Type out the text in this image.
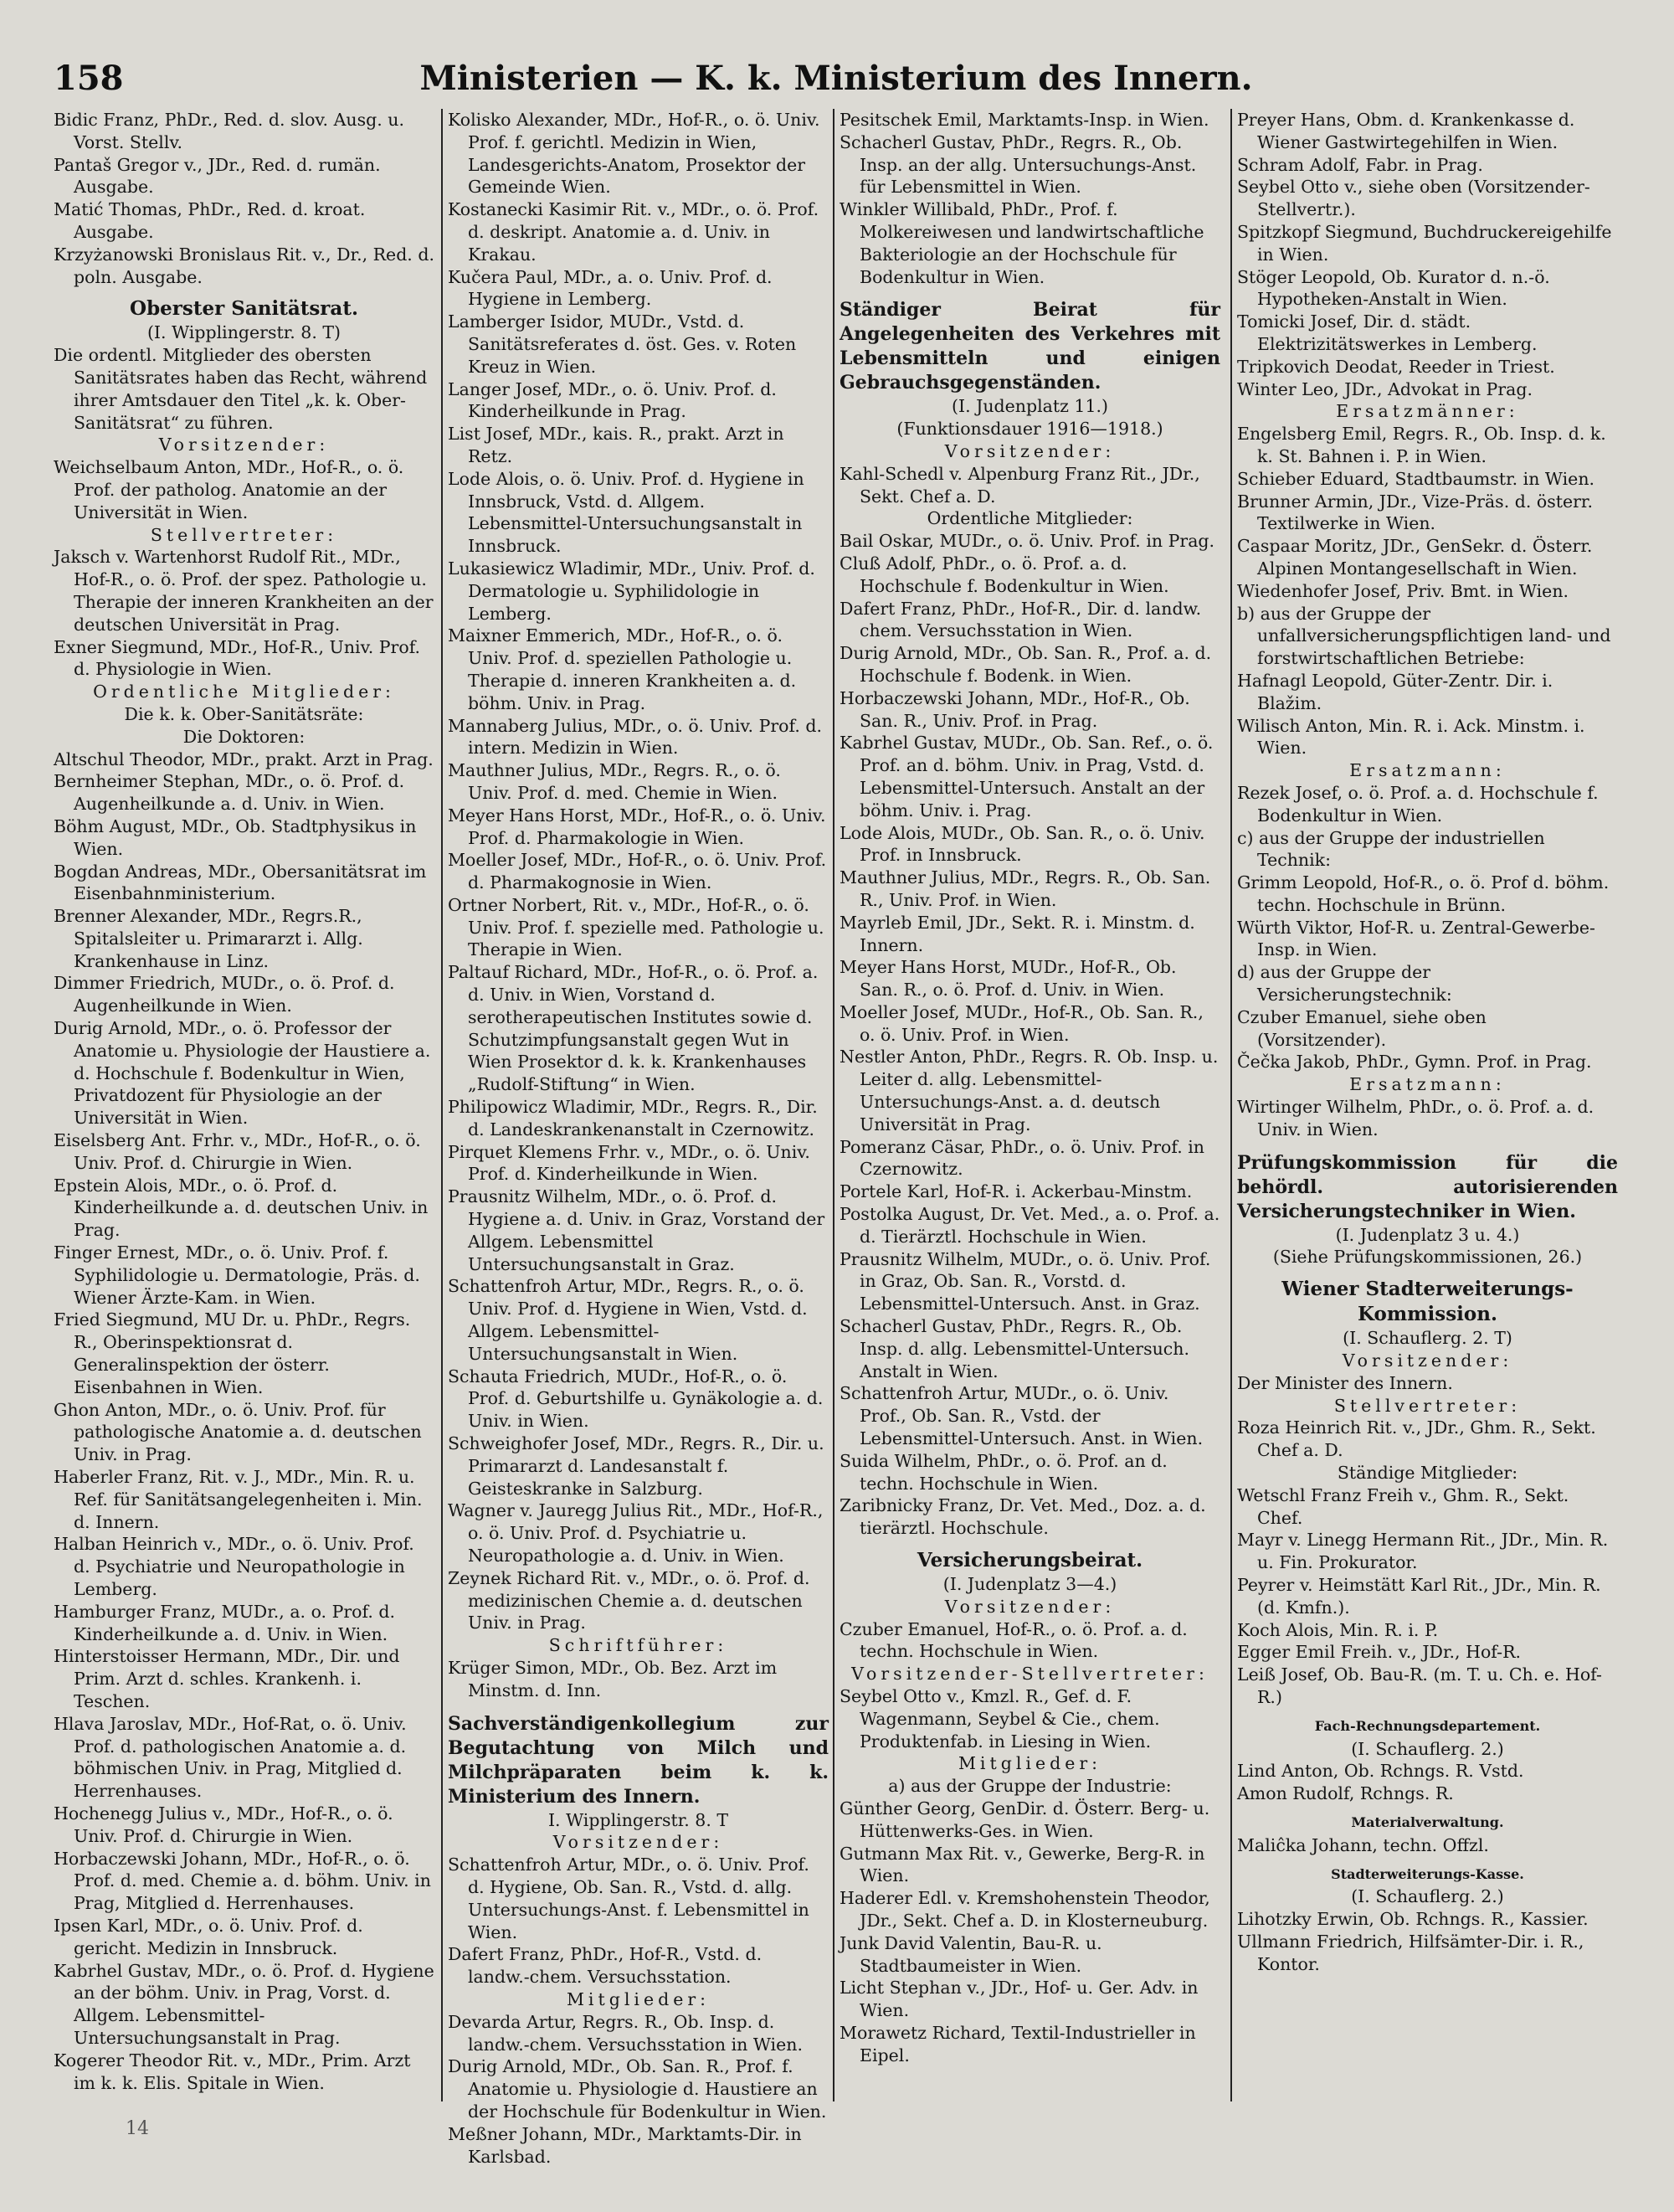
158	Ministerien — K. k. Ministerium des Innern.
Bidic Franz, PhDr., Red. d. slov. Ausg. u. Vorst. Stellv.
Pantaš Gregor v., JDr., Red. d. rumän. Ausgabe.
Matić Thomas, PhDr., Red. d. kroat. Ausgabe.
Krzyżanowski Bronislaus Rit. v., Dr., Red. d. poln. Ausgabe.
Oberster Sanitätsrat.
(I. Wipplingerstr. 8. T)
Die ordentl. Mitglieder des obersten Sanitätsrates haben das Recht, während ihrer Amtsdauer den Titel „k. k. Ober-Sanitätsrat“ zu führen.
Vorsitzender:
Weichselbaum Anton, MDr., Hof-R., o. ö. Prof. der patholog. Anatomie an der Universität in Wien.
Stellvertreter:
Jaksch v. Wartenhorst Rudolf Rit., MDr., Hof-R., o. ö. Prof. der spez. Pathologie u. Therapie der inneren Krankheiten an der deutschen Universität in Prag.
Exner Siegmund, MDr., Hof-R., Univ. Prof. d. Physiologie in Wien.
Ordentliche Mitglieder:
Die k. k. Ober-Sanitätsräte:
Die Doktoren:
Altschul Theodor, MDr., prakt. Arzt in Prag.
Bernheimer Stephan, MDr., o. ö. Prof. d. Augenheilkunde a. d. Univ. in Wien.
Böhm August, MDr., Ob. Stadtphysikus in Wien.
Bogdan Andreas, MDr., Obersanitätsrat im Eisenbahnministerium.
Brenner Alexander, MDr., Regrs.R., Spitalsleiter u. Primararzt i. Allg. Krankenhause in Linz.
Dimmer Friedrich, MUDr., o. ö. Prof. d. Augenheilkunde in Wien.
Durig Arnold, MDr., o. ö. Professor der Anatomie u. Physiologie der Haustiere a. d. Hochschule f. Bodenkultur in Wien, Privatdozent für Physiologie an der Universität in Wien.
Eiselsberg Ant. Frhr. v., MDr., Hof-R., o. ö. Univ. Prof. d. Chirurgie in Wien.
Epstein Alois, MDr., o. ö. Prof. d. Kinderheilkunde a. d. deutschen Univ. in Prag.
Finger Ernest, MDr., o. ö. Univ. Prof. f. Syphilidologie u. Dermatologie, Präs. d. Wiener Ärzte-Kam. in Wien.
Fried Siegmund, MU Dr. u. PhDr., Regrs. R., Oberinspektionsrat d. Generalinspektion der österr. Eisenbahnen in Wien.
Ghon Anton, MDr., o. ö. Univ. Prof. für pathologische Anatomie a. d. deutschen Univ. in Prag.
Haberler Franz, Rit. v. J., MDr., Min. R. u. Ref. für Sanitätsangelegenheiten i. Min. d. Innern.
Halban Heinrich v., MDr., o. ö. Univ. Prof. d. Psychiatrie und Neuropathologie in Lemberg.
Hamburger Franz, MUDr., a. o. Prof. d. Kinderheilkunde a. d. Univ. in Wien.
Hinterstoisser Hermann, MDr., Dir. und Prim. Arzt d. schles. Krankenh. i. Teschen.
Hlava Jaroslav, MDr., Hof-Rat, o. ö. Univ. Prof. d. pathologischen Anatomie a. d. böhmischen Univ. in Prag, Mitglied d. Herrenhauses.
Hochenegg Julius v., MDr., Hof-R., o. ö. Univ. Prof. d. Chirurgie in Wien.
Horbaczewski Johann, MDr., Hof-R., o. ö. Prof. d. med. Chemie a. d. böhm. Univ. in Prag, Mitglied d. Herrenhauses.
Ipsen Karl, MDr., o. ö. Univ. Prof. d. gericht. Medizin in Innsbruck.
Kabrhel Gustav, MDr., o. ö. Prof. d. Hygiene an der böhm. Univ. in Prag, Vorst. d. Allgem. Lebensmittel-Untersuchungsanstalt in Prag.
Kogerer Theodor Rit. v., MDr., Prim. Arzt im k. k. Elis. Spitale in Wien.
Kolisko Alexander, MDr., Hof-R., o. ö. Univ. Prof. f. gerichtl. Medizin in Wien, Landesgerichts-Anatom, Prosektor der Gemeinde Wien.
Kostanecki Kasimir Rit. v., MDr., o. ö. Prof. d. deskript. Anatomie a. d. Univ. in Krakau.
Kučera Paul, MDr., a. o. Univ. Prof. d. Hygiene in Lemberg.
Lamberger Isidor, MUDr., Vstd. d. Sanitätsreferates d. öst. Ges. v. Roten Kreuz in Wien.
Langer Josef, MDr., o. ö. Univ. Prof. d. Kinderheilkunde in Prag.
List Josef, MDr., kais. R., prakt. Arzt in Retz.
Lode Alois, o. ö. Univ. Prof. d. Hygiene in Innsbruck, Vstd. d. Allgem. Lebensmittel-Untersuchungsanstalt in Innsbruck.
Lukasiewicz Wladimir, MDr., Univ. Prof. d. Dermatologie u. Syphilidologie in Lemberg.
Maixner Emmerich, MDr., Hof-R., o. ö. Univ. Prof. d. speziellen Pathologie u. Therapie d. inneren Krankheiten a. d. böhm. Univ. in Prag.
Mannaberg Julius, MDr., o. ö. Univ. Prof. d. intern. Medizin in Wien.
Mauthner Julius, MDr., Regrs. R., o. ö. Univ. Prof. d. med. Chemie in Wien.
Meyer Hans Horst, MDr., Hof-R., o. ö. Univ. Prof. d. Pharmakologie in Wien.
Moeller Josef, MDr., Hof-R., o. ö. Univ. Prof. d. Pharmakognosie in Wien.
Ortner Norbert, Rit. v., MDr., Hof-R., o. ö. Univ. Prof. f. spezielle med. Pathologie u. Therapie in Wien.
Paltauf Richard, MDr., Hof-R., o. ö. Prof. a. d. Univ. in Wien, Vorstand d. serotherapeutischen Institutes sowie d. Schutzimpfungsanstalt gegen Wut in Wien Prosektor d. k. k. Krankenhauses „Rudolf-Stiftung“ in Wien.
Philipowicz Wladimir, MDr., Regrs. R., Dir. d. Landeskrankenanstalt in Czernowitz.
Pirquet Klemens Frhr. v., MDr., o. ö. Univ. Prof. d. Kinderheilkunde in Wien.
Prausnitz Wilhelm, MDr., o. ö. Prof. d. Hygiene a. d. Univ. in Graz, Vorstand der Allgem. Lebensmittel Untersuchungsanstalt in Graz.
Schattenfroh Artur, MDr., Regrs. R., o. ö. Univ. Prof. d. Hygiene in Wien, Vstd. d. Allgem. Lebensmittel-Untersuchungsanstalt in Wien.
Schauta Friedrich, MUDr., Hof-R., o. ö. Prof. d. Geburtshilfe u. Gynäkologie a. d. Univ. in Wien.
Schweighofer Josef, MDr., Regrs. R., Dir. u. Primararzt d. Landesanstalt f. Geisteskranke in Salzburg.
Wagner v. Jauregg Julius Rit., MDr., Hof-R., o. ö. Univ. Prof. d. Psychiatrie u. Neuropathologie a. d. Univ. in Wien.
Zeynek Richard Rit. v., MDr., o. ö. Prof. d. medizinischen Chemie a. d. deutschen Univ. in Prag.
Schriftführer:
Krüger Simon, MDr., Ob. Bez. Arzt im Minstm. d. Inn.
Sachverständigenkollegium zur Begutachtung von Milch und Milchpräparaten beim k. k. Ministerium des Innern.
I. Wipplingerstr. 8. T
Vorsitzender:
Schattenfroh Artur, MDr., o. ö. Univ. Prof. d. Hygiene, Ob. San. R., Vstd. d. allg. Untersuchungs-Anst. f. Lebensmittel in Wien.
Dafert Franz, PhDr., Hof-R., Vstd. d. landw.-chem. Versuchsstation.
Mitglieder:
Devarda Artur, Regrs. R., Ob. Insp. d. landw.-chem. Versuchsstation in Wien.
Durig Arnold, MDr., Ob. San. R., Prof. f. Anatomie u. Physiologie d. Haustiere an der Hochschule für Bodenkultur in Wien.
Meßner Johann, MDr., Marktamts-Dir. in Karlsbad.
Pesitschek Emil, Marktamts-Insp. in Wien.
Schacherl Gustav, PhDr., Regrs. R., Ob. Insp. an der allg. Untersuchungs-Anst. für Lebensmittel in Wien.
Winkler Willibald, PhDr., Prof. f. Molkereiwesen und landwirtschaftliche Bakteriologie an der Hochschule für Bodenkultur in Wien.
Ständiger Beirat für Angelegenheiten des Verkehres mit Lebensmitteln und einigen Gebrauchsgegenständen.
(I. Judenplatz 11.)
(Funktionsdauer 1916—1918.)
Vorsitzender:
Kahl-Schedl v. Alpenburg Franz Rit., JDr., Sekt. Chef a. D.
Ordentliche Mitglieder:
Bail Oskar, MUDr., o. ö. Univ. Prof. in Prag.
Cluß Adolf, PhDr., o. ö. Prof. a. d. Hochschule f. Bodenkultur in Wien.
Dafert Franz, PhDr., Hof-R., Dir. d. landw. chem. Versuchsstation in Wien.
Durig Arnold, MDr., Ob. San. R., Prof. a. d. Hochschule f. Bodenk. in Wien.
Horbaczewski Johann, MDr., Hof-R., Ob. San. R., Univ. Prof. in Prag.
Kabrhel Gustav, MUDr., Ob. San. Ref., o. ö. Prof. an d. böhm. Univ. in Prag, Vstd. d. Lebensmittel-Untersuch. Anstalt an der böhm. Univ. i. Prag.
Lode Alois, MUDr., Ob. San. R., o. ö. Univ. Prof. in Innsbruck.
Mauthner Julius, MDr., Regrs. R., Ob. San. R., Univ. Prof. in Wien.
Mayrleb Emil, JDr., Sekt. R. i. Minstm. d. Innern.
Meyer Hans Horst, MUDr., Hof-R., Ob. San. R., o. ö. Prof. d. Univ. in Wien.
Moeller Josef, MUDr., Hof-R., Ob. San. R., o. ö. Univ. Prof. in Wien.
Nestler Anton, PhDr., Regrs. R. Ob. Insp. u. Leiter d. allg. Lebensmittel-Untersuchungs-Anst. a. d. deutsch Universität in Prag.
Pomeranz Cäsar, PhDr., o. ö. Univ. Prof. in Czernowitz.
Portele Karl, Hof-R. i. Ackerbau-Minstm.
Postolka August, Dr. Vet. Med., a. o. Prof. a. d. Tierärztl. Hochschule in Wien.
Prausnitz Wilhelm, MUDr., o. ö. Univ. Prof. in Graz, Ob. San. R., Vorstd. d. Lebensmittel-Untersuch. Anst. in Graz.
Schacherl Gustav, PhDr., Regrs. R., Ob. Insp. d. allg. Lebensmittel-Untersuch. Anstalt in Wien.
Schattenfroh Artur, MUDr., o. ö. Univ. Prof., Ob. San. R., Vstd. der Lebensmittel-Untersuch. Anst. in Wien.
Suida Wilhelm, PhDr., o. ö. Prof. an d. techn. Hochschule in Wien.
Zaribnicky Franz, Dr. Vet. Med., Doz. a. d. tierärztl. Hochschule.
Versicherungsbeirat.
(I. Judenplatz 3—4.)
Vorsitzender:
Czuber Emanuel, Hof-R., o. ö. Prof. a. d. techn. Hochschule in Wien.
Vorsitzender-Stellvertreter:
Seybel Otto v., Kmzl. R., Gef. d. F. Wagenmann, Seybel & Cie., chem. Produktenfab. in Liesing in Wien.
Mitglieder:
a) aus der Gruppe der Industrie:
Günther Georg, GenDir. d. Österr. Berg- u. Hüttenwerks-Ges. in Wien.
Gutmann Max Rit. v., Gewerke, Berg-R. in Wien.
Haderer Edl. v. Kremshohenstein Theodor, JDr., Sekt. Chef a. D. in Klosterneuburg.
Junk David Valentin, Bau-R. u. Stadtbaumeister in Wien.
Licht Stephan v., JDr., Hof- u. Ger. Adv. in Wien.
Morawetz Richard, Textil-Industrieller in Eipel.
Preyer Hans, Obm. d. Krankenkasse d. Wiener Gastwirtegehilfen in Wien.
Schram Adolf, Fabr. in Prag.
Seybel Otto v., siehe oben (Vorsitzender-Stellvertr.).
Spitzkopf Siegmund, Buchdruckereigehilfe in Wien.
Stöger Leopold, Ob. Kurator d. n.-ö. Hypotheken-Anstalt in Wien.
Tomicki Josef, Dir. d. städt. Elektrizitätswerkes in Lemberg.
Tripkovich Deodat, Reeder in Triest.
Winter Leo, JDr., Advokat in Prag.
Ersatzmänner:
Engelsberg Emil, Regrs. R., Ob. Insp. d. k. k. St. Bahnen i. P. in Wien.
Schieber Eduard, Stadtbaumstr. in Wien.
Brunner Armin, JDr., Vize-Präs. d. österr. Textilwerke in Wien.
Caspaar Moritz, JDr., GenSekr. d. Österr. Alpinen Montangesellschaft in Wien.
Wiedenhofer Josef, Priv. Bmt. in Wien.
b) aus der Gruppe der unfallversicherungspflichtigen land- und forstwirtschaftlichen Betriebe:
Hafnagl Leopold, Güter-Zentr. Dir. i. Blažim.
Wilisch Anton, Min. R. i. Ack. Minstm. i. Wien.
Ersatzmann:
Rezek Josef, o. ö. Prof. a. d. Hochschule f. Bodenkultur in Wien.
c) aus der Gruppe der industriellen Technik:
Grimm Leopold, Hof-R., o. ö. Prof d. böhm. techn. Hochschule in Brünn.
Würth Viktor, Hof-R. u. Zentral-Gewerbe-Insp. in Wien.
d) aus der Gruppe der Versicherungstechnik:
Czuber Emanuel, siehe oben (Vorsitzender).
Čečka Jakob, PhDr., Gymn. Prof. in Prag.
Ersatzmann:
Wirtinger Wilhelm, PhDr., o. ö. Prof. a. d. Univ. in Wien.
Prüfungskommission für die behördl. autorisierenden Versicherungstechniker in Wien.
(I. Judenplatz 3 u. 4.)
(Siehe Prüfungskommissionen, 26.)
Wiener Stadterweiterungs-Kommission.
(I. Schauflerg. 2. T)
Vorsitzender:
Der Minister des Innern.
Stellvertreter:
Roza Heinrich Rit. v., JDr., Ghm. R., Sekt. Chef a. D.
Ständige Mitglieder:
Wetschl Franz Freih v., Ghm. R., Sekt. Chef.
Mayr v. Linegg Hermann Rit., JDr., Min. R. u. Fin. Prokurator.
Peyrer v. Heimstätt Karl Rit., JDr., Min. R. (d. Kmfn.).
Koch Alois, Min. R. i. P.
Egger Emil Freih. v., JDr., Hof-R.
Leiß Josef, Ob. Bau-R. (m. T. u. Ch. e. Hof-R.)
Fach-Rechnungsdepartement.
(I. Schauflerg. 2.)
Lind Anton, Ob. Rchngs. R. Vstd.
Amon Rudolf, Rchngs. R.
Materialverwaltung.
Maliĉka Johann, techn. Offzl.
Stadterweiterungs-Kasse.
(I. Schauflerg. 2.)
Lihotzky Erwin, Ob. Rchngs. R., Kassier.
Ullmann Friedrich, Hilfsämter-Dir. i. R., Kontor.
14
